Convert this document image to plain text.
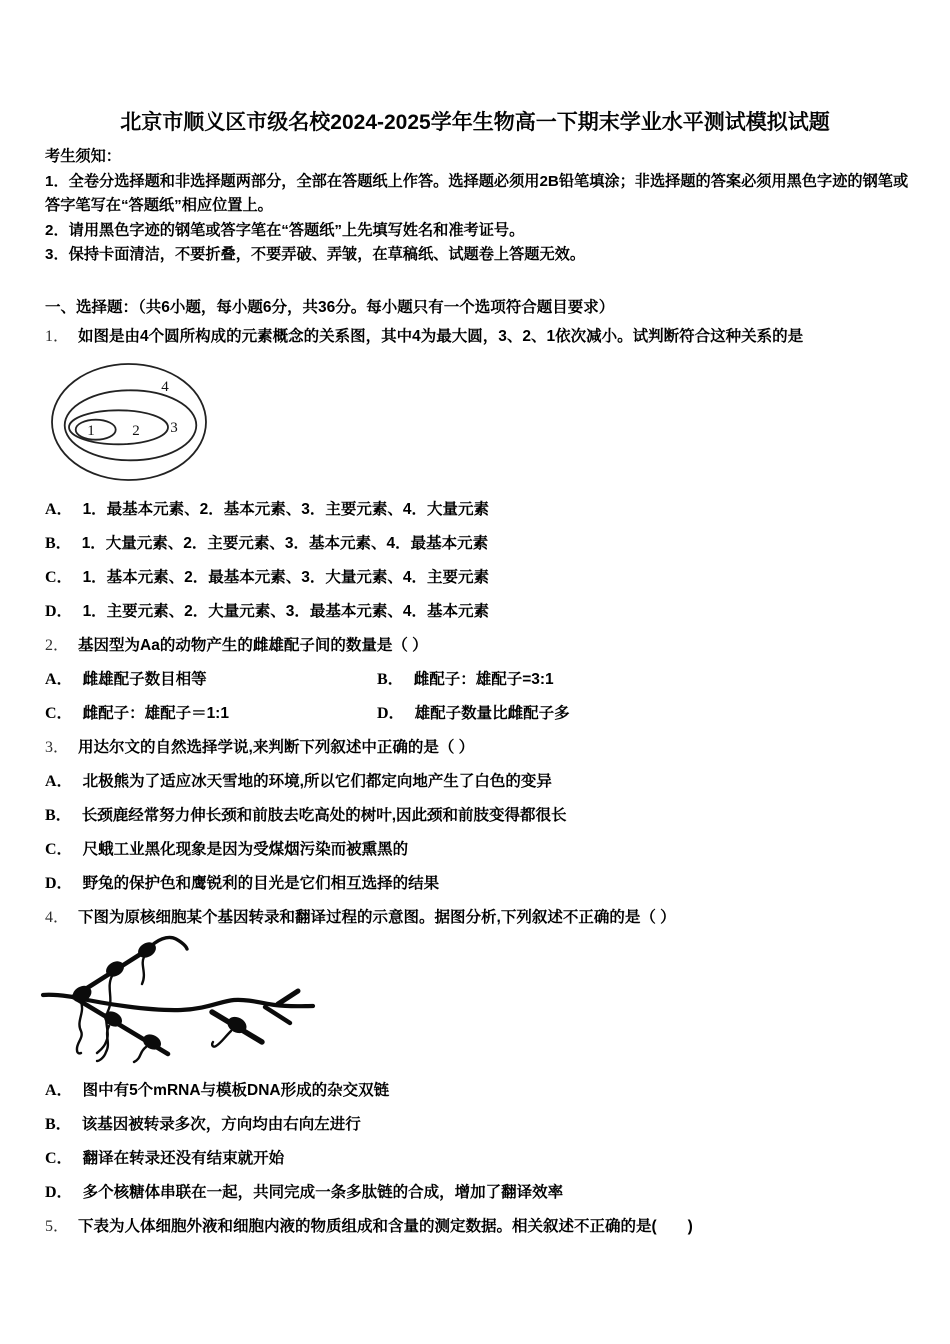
北京市顺义区市级名校2024-2025学年生物高一下期末学业水平测试模拟试题
考生须知：
1．全卷分选择题和非选择题两部分，全部在答题纸上作答。选择题必须用2B铅笔填涂；非选择题的答案必须用黑色字迹的钢笔或答字笔写在“答题纸”相应位置上。
2．请用黑色字迹的钢笔或答字笔在“答题纸”上先填写姓名和准考证号。
3．保持卡面清洁，不要折叠，不要弄破、弄皱，在草稿纸、试题卷上答题无效。
一、选择题：（共6小题，每小题6分，共36分。每小题只有一个选项符合题目要求）
1． 如图是由4个圆所构成的元素概念的关系图，其中4为最大圆，3、2、1依次减小。试判断符合这种关系的是
4
3
2
1
A． 1．最基本元素、2．基本元素、3．主要元素、4．大量元素
B． 1．大量元素、2．主要元素、3．基本元素、4．最基本元素
C． 1．基本元素、2．最基本元素、3．大量元素、4．主要元素
D． 1．主要元素、2．大量元素、3．最基本元素、4．基本元素
2． 基因型为Aa的动物产生的雌雄配子间的数量是（ ）
A． 雌雄配子数目相等	B． 雌配子：雄配子=3:1
C． 雌配子：雄配子＝1:1	D． 雄配子数量比雌配子多
3． 用达尔文的自然选择学说,来判断下列叙述中正确的是（ ）
A． 北极熊为了适应冰天雪地的环境,所以它们都定向地产生了白色的变异
B． 长颈鹿经常努力伸长颈和前肢去吃高处的树叶,因此颈和前肢变得都很长
C． 尺蛾工业黑化现象是因为受煤烟污染而被熏黑的
D． 野兔的保护色和鹰锐利的目光是它们相互选择的结果
4． 下图为原核细胞某个基因转录和翻译过程的示意图。据图分析,下列叙述不正确的是（ ）
A． 图中有5个mRNA与模板DNA形成的杂交双链
B． 该基因被转录多次，方向均由右向左进行
C． 翻译在转录还没有结束就开始
D． 多个核糖体串联在一起，共同完成一条多肽链的合成，增加了翻译效率
5． 下表为人体细胞外液和细胞内液的物质组成和含量的测定数据。相关叙述不正确的是(　　)
